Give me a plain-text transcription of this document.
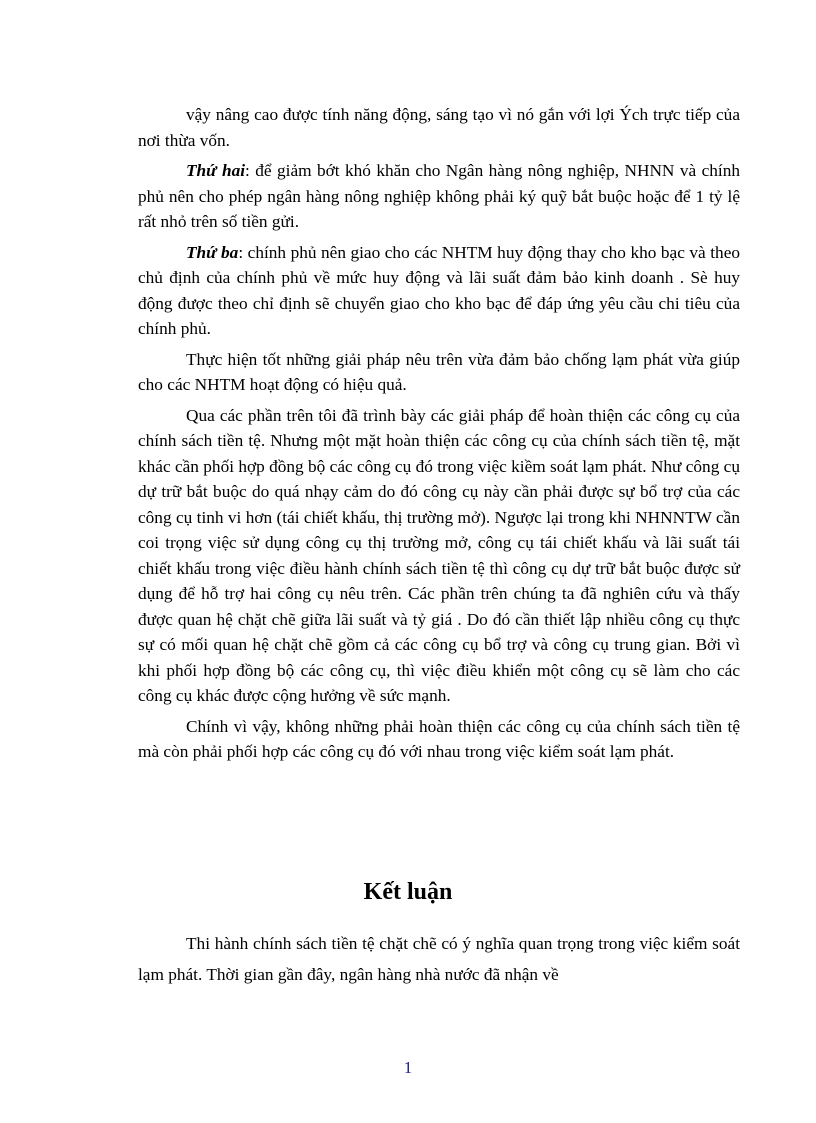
vậy nâng cao được tính năng động, sáng tạo vì nó gắn với lợi Ých trực tiếp của nơi thừa vốn.

Thứ hai: để giảm bớt khó khăn cho Ngân hàng nông nghiệp, NHNN và chính phủ nên cho phép ngân hàng nông nghiệp không phải ký quỹ bắt buộc hoặc để 1 tỷ lệ rất nhỏ trên số tiền gửi.

Thứ ba: chính phủ nên giao cho các NHTM huy động thay cho kho bạc và theo chủ định của chính phủ về mức huy động và lãi suất đảm bảo kinh doanh . Sè huy động được theo chỉ định sẽ chuyển giao cho kho bạc để đáp ứng yêu cầu chi tiêu của chính phủ.

Thực hiện tốt những giải pháp nêu trên vừa đảm bảo chống lạm phát vừa giúp cho các NHTM hoạt động có hiệu quả.

Qua các phần trên tôi đã trình bày các giải pháp để hoàn thiện các công cụ của chính sách tiền tệ. Nhưng một mặt hoàn thiện các công cụ của chính sách tiền tệ, mặt khác cần phối hợp đồng bộ các công cụ đó trong việc kiềm soát lạm phát. Như công cụ dự trữ bắt buộc do quá nhạy cảm do đó công cụ này cần phải được sự bổ trợ của các công cụ tinh vi hơn (tái chiết khấu, thị trường mở). Ngược lại trong khi NHNNTW cần coi trọng việc sử dụng công cụ thị trường mở, công cụ tái chiết khấu và lãi suất tái chiết khấu trong việc điều hành chính sách tiền tệ thì công cụ dự trữ bắt buộc được sử dụng để hỗ trợ hai công cụ nêu trên. Các phần trên chúng ta đã nghiên cứu và thấy được quan hệ chặt chẽ giữa lãi suất và tỷ giá . Do đó cần thiết lập nhiều công cụ thực sự có mối quan hệ chặt chẽ gồm cả các công cụ bổ trợ và công cụ trung gian. Bởi vì khi phối hợp đồng bộ các công cụ, thì việc điều khiển một công cụ sẽ làm cho các công cụ khác được cộng hưởng về sức mạnh.

Chính vì vậy, không những phải hoàn thiện các công cụ của chính sách tiền tệ mà còn phải phối hợp các công cụ đó với nhau trong việc kiểm soát lạm phát.

Kết luận

Thi hành chính sách tiền tệ chặt chẽ có ý nghĩa quan trọng trong việc kiểm soát lạm phát. Thời gian gần đây, ngân hàng nhà nước đã nhận về

1
